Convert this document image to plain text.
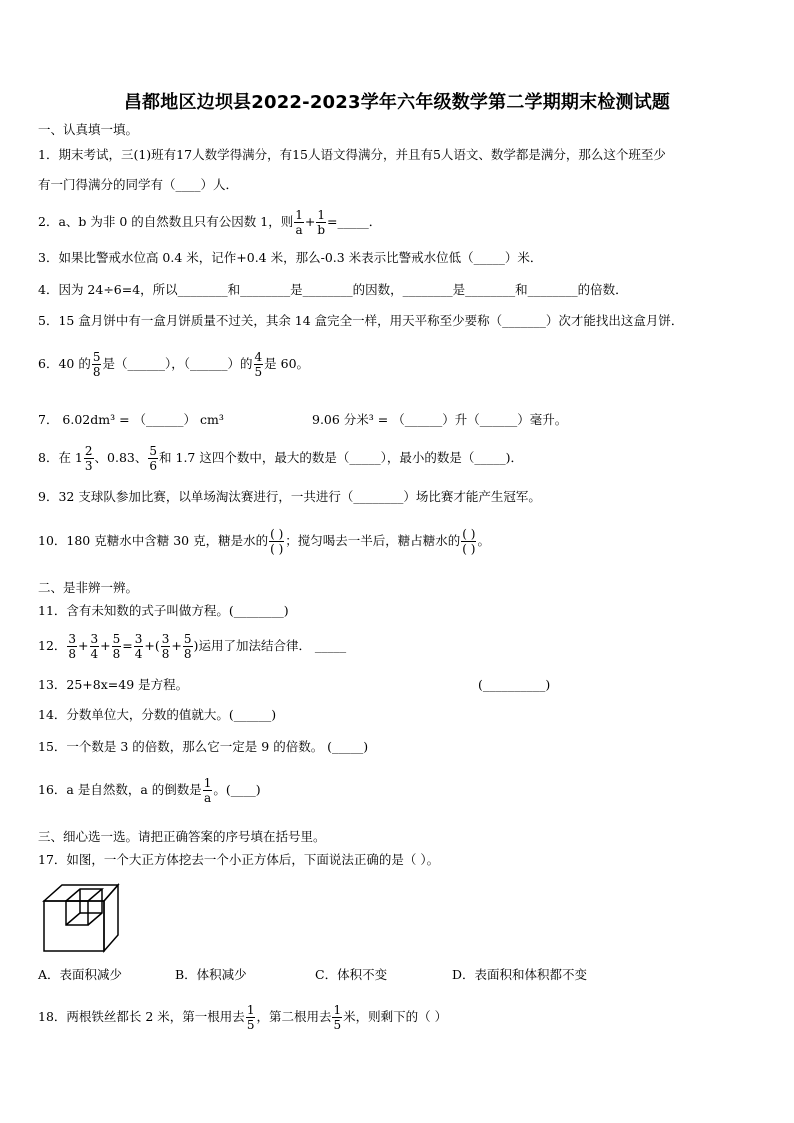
昌都地区边坝县2022-2023学年六年级数学第二学期期末检测试题
一、认真填一填。
1．期末考试，三(1)班有17人数学得满分，有15人语文得满分，并且有5人语文、数学都是满分，那么这个班至少
有一门得满分的同学有（____）人．
2．a、b 为非 0 的自然数且只有公因数 1，则 $\frac{1}{a} + \frac{1}{b}$ =_____．
3．如果比警戒水位高 0.4 米，记作+0.4 米，那么-0.3 米表示比警戒水位低（_____）米．
4．因为 24÷6=4，所以________和________是________的因数，________是________和________的倍数．
5．15 盒月饼中有一盒月饼质量不过关，其余 14 盒完全一样，用天平称至少要称（_______）次才能找出这盒月饼．
6．40 的 $\frac{5}{8}$ 是（______），（______）的 $\frac{4}{5}$ 是 60。
7． 6.02dm³ = （______） cm³	9.06 分米³ = （______）升（______）毫升。
8．在 $1 \frac{2}{3}$ 、0.83、 $\frac{5}{6}$ 和 1.7 这四个数中，最大的数是（_____），最小的数是（_____)．
9．32 支球队参加比赛，以单场淘汰赛进行，一共进行（________）场比赛才能产生冠军。
10．180 克糖水中含糖 30 克，糖是水的 ( )
( )
；搅匀喝去一半后，糖占糖水的 ( )
( )
。
二、是非辨一辨。
11．含有未知数的式子叫做方程。(________)
12． $\frac{3}{8} + \frac{3}{4} + \frac{5}{8} = \frac{3}{4}$ +( $\frac{3}{8} + \frac{5}{8}$ )运用了加法结合律． _____
13．25+8x=49 是方程。	(__________)
14．分数单位大，分数的值就大。(______)
15．一个数是 3 的倍数，那么它一定是 9 的倍数。 (_____)
16．a 是自然数，a 的倒数是 $\frac{1}{a}$ 。(____)
三、细心选一选。请把正确答案的序号填在括号里。
17．如图，一个大正方体挖去一个小正方体后，下面说法正确的是（ ）。
A．表面积减少	B．体积减少	C．体积不变	D．表面积和体积都不变
18．两根铁丝都长 2 米，第一根用去 $\frac{1}{5}$ ，第二根用去 $\frac{1}{5}$ 米，则剩下的（ ）
